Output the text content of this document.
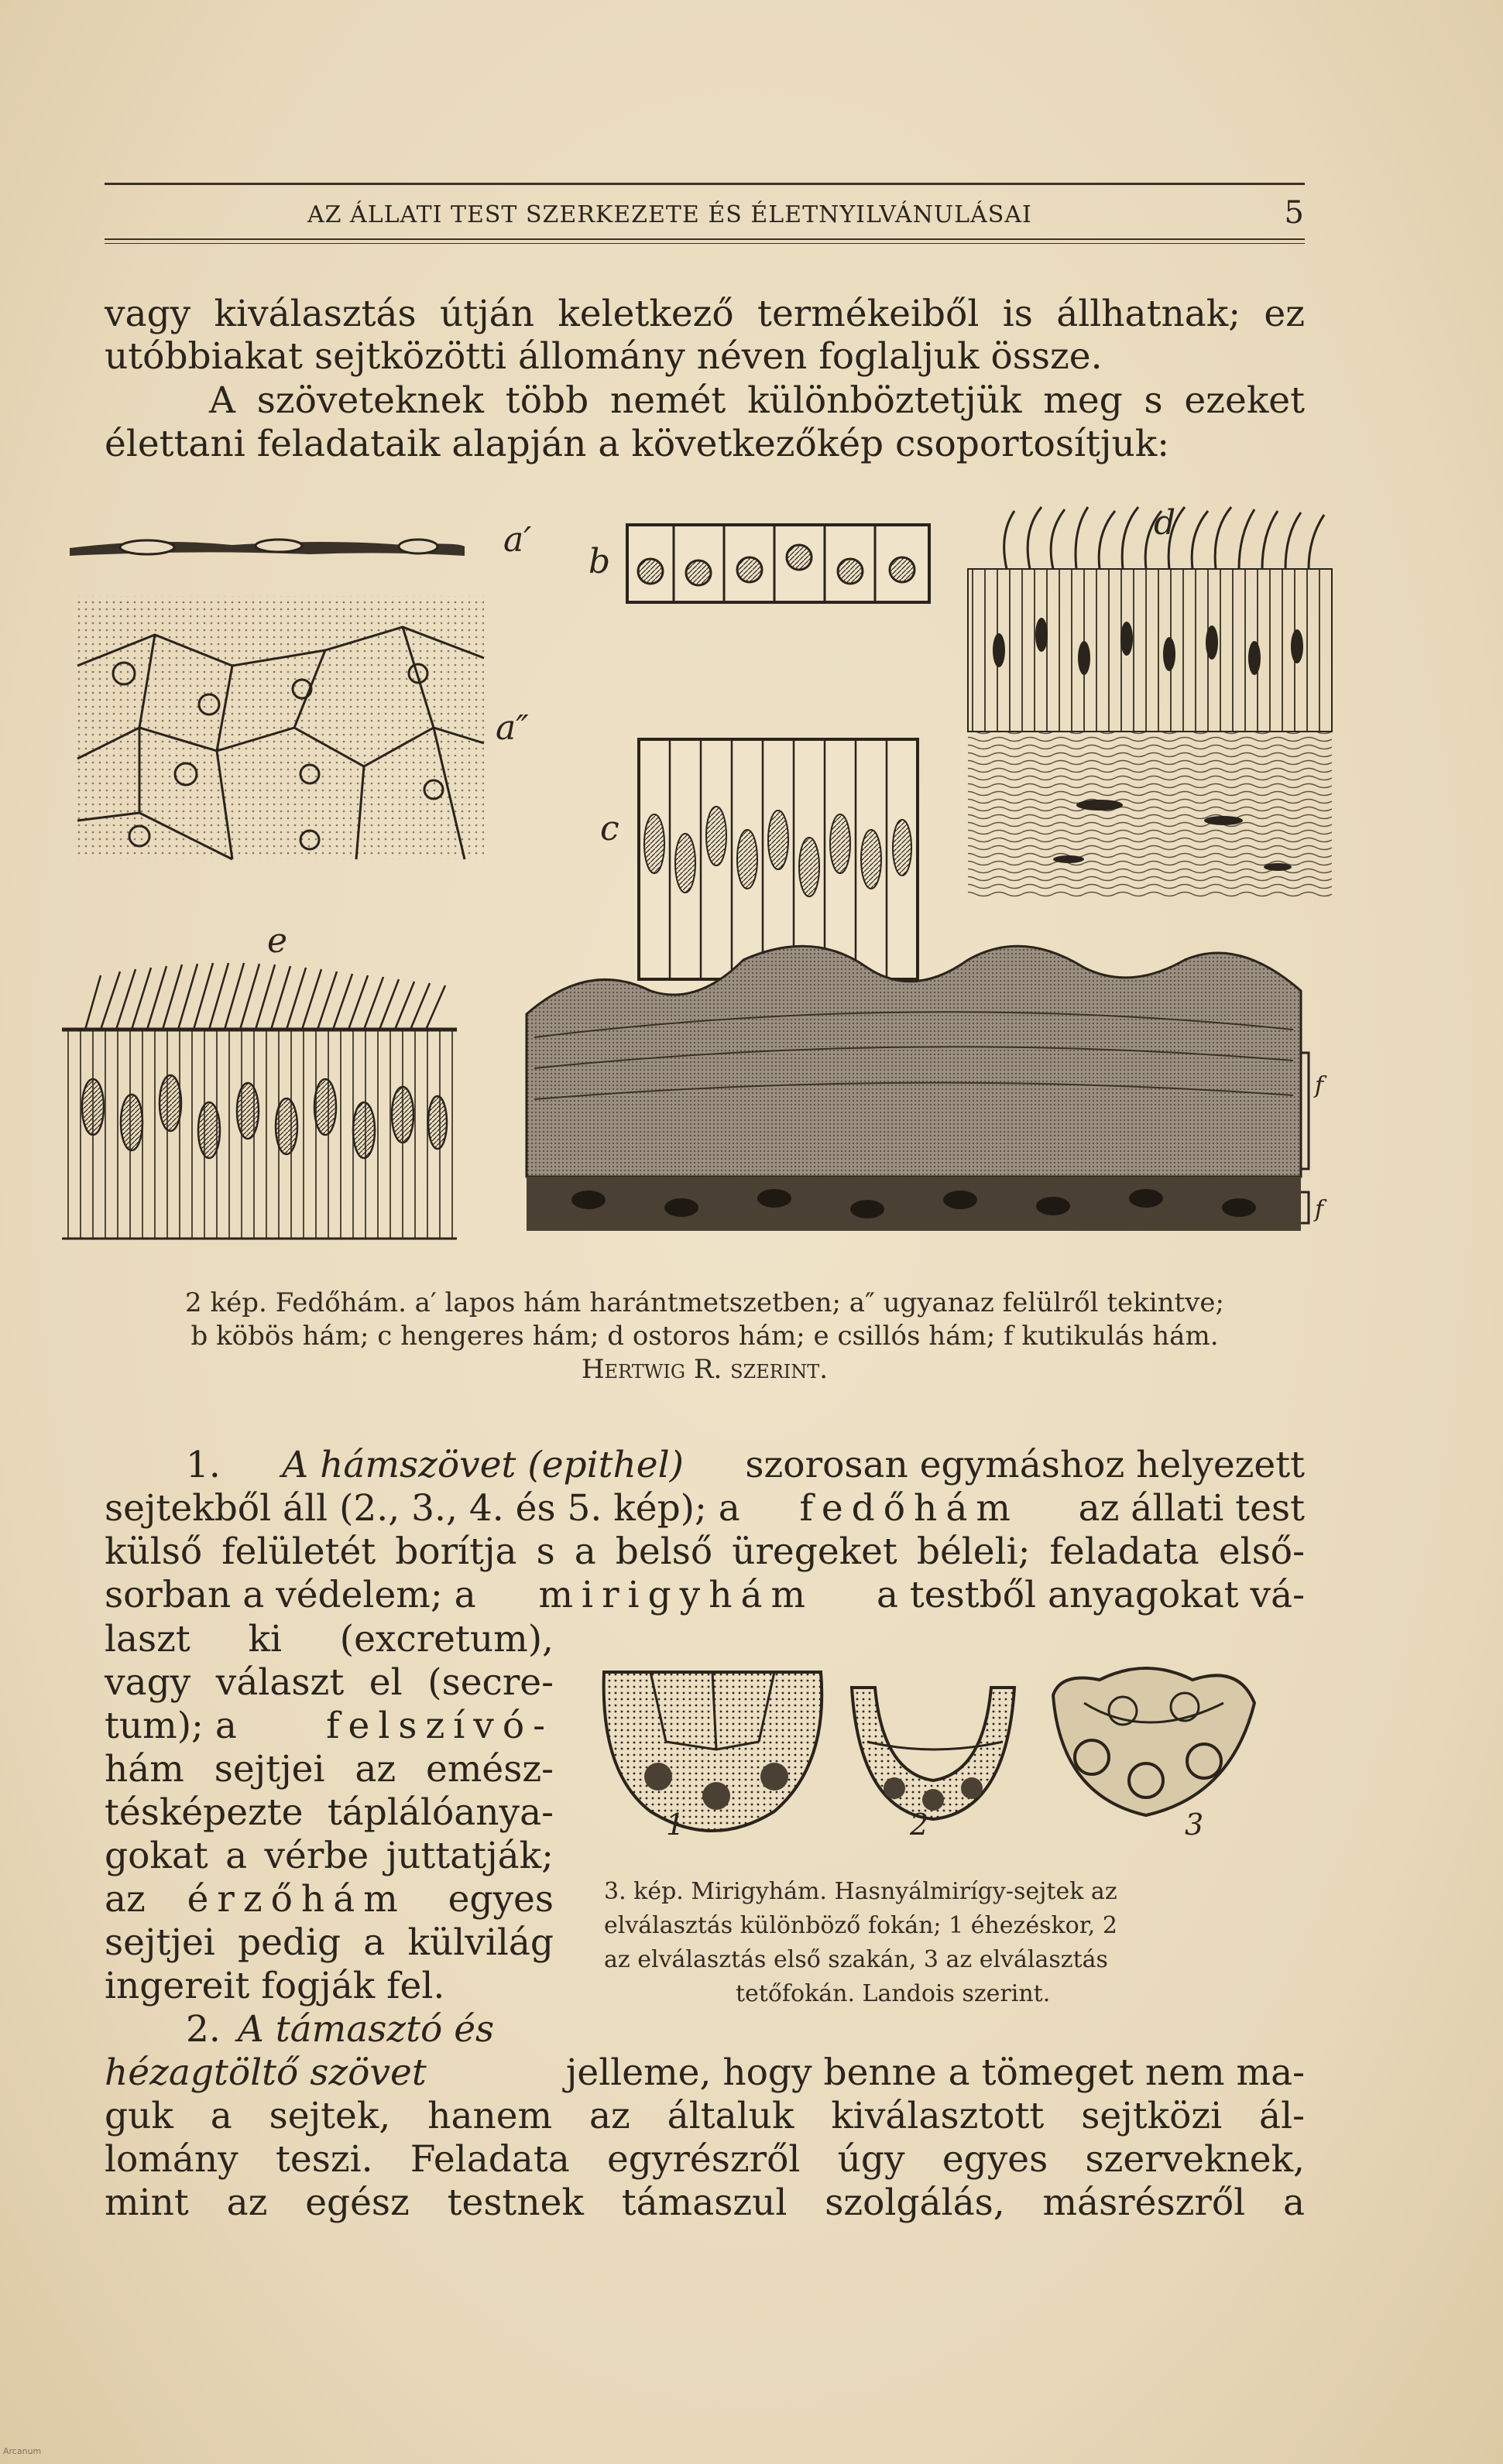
AZ ÁLLATI TEST SZERKEZETE ÉS ÉLETNYILVÁNULÁSAI	5
vagy kiválasztás útján keletkező termékeiből is állhatnak; ez
utóbbiakat sejtközötti állomány néven foglaljuk össze.
A szöveteknek több nemét különböztetjük meg s ezeket
élettani feladataik alapján a következőkép csoportosítjuk:
a′
a″
b
c
d
e
f
f
2 kép. Fedőhám. a′ lapos hám harántmetszetben; a″ ugyanaz felülről tekintve;
b köbös hám; c hengeres hám; d ostoros hám; e csillós hám; f kutikulás hám.
Hertwig R. szerint.
1. A hámszövet (epithel) szorosan egymáshoz helyezett
sejtekből áll (2., 3., 4. és 5. kép); a fedőhám az állati test
külső felületét borítja s a belső üregeket béleli; feladata első-
sorban a védelem; a mirigyhám a testből anyagokat vá-
laszt ki (excretum),
vagy választ el (secre-
tum); a felszívó-
hám sejtjei az emész-
tésképezte táplálóanya-
gokat a vérbe juttatják;
az érzőhám egyes
sejtjei pedig a külvilág
ingereit fogják fel.
1	2	3
3. kép. Mirigyhám. Hasnyálmirígy-sejtek az
elválasztás különböző fokán; 1 éhezéskor, 2
az elválasztás első szakán, 3 az elválasztás
tetőfokán. Landois szerint.
2. A támasztó és
hézagtöltő szövet	jelleme, hogy benne a tömeget nem ma-
guk a sejtek, hanem az általuk kiválasztott sejtközi ál-
lomány teszi. Feladata egyrészről úgy egyes szerveknek,
mint az egész testnek támaszul szolgálás, másrészről a
Arcanum
